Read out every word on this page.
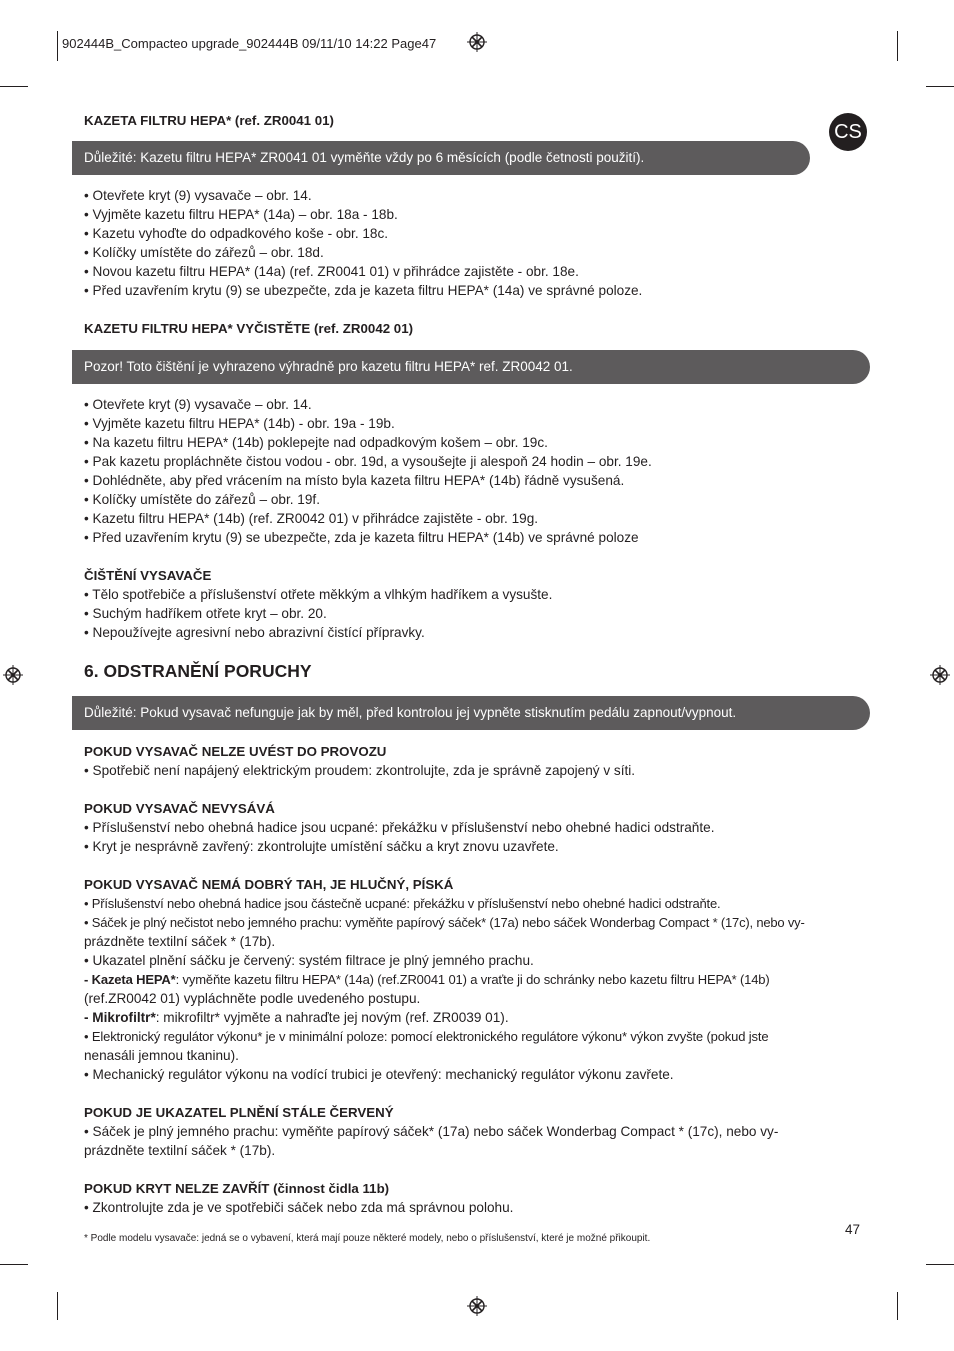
902444B_Compacteo upgrade_902444B 09/11/10 14:22 Page47
CS
KAZETA FILTRU HEPA* (ref. ZR0041 01)
Důležité: Kazetu filtru HEPA* ZR0041 01 vyměňte vždy po 6 měsících (podle četnosti použití).
• Otevřete kryt (9) vysavače – obr. 14.
• Vyjměte kazetu filtru HEPA* (14a) – obr. 18a - 18b.
• Kazetu vyhoďte do odpadkového koše - obr. 18c.
• Kolíčky umístěte do zářezů – obr. 18d.
• Novou kazetu filtru HEPA* (14a) (ref. ZR0041 01) v přihrádce zajistěte - obr. 18e.
• Před uzavřením krytu (9) se ubezpečte, zda je kazeta filtru HEPA* (14a) ve správné poloze.
KAZETU FILTRU HEPA* VYČISTĚTE (ref. ZR0042 01)
Pozor! Toto čištění je vyhrazeno výhradně pro kazetu filtru HEPA* ref. ZR0042 01.
• Otevřete kryt (9) vysavače – obr. 14.
• Vyjměte kazetu filtru HEPA* (14b) - obr. 19a - 19b.
• Na kazetu filtru HEPA* (14b) poklepejte nad odpadkovým košem – obr. 19c.
• Pak kazetu propláchněte čistou vodou - obr. 19d, a vysoušejte ji alespoň 24 hodin – obr. 19e.
• Dohlédněte, aby před vrácením na místo byla kazeta filtru HEPA* (14b) řádně vysušená.
• Kolíčky umístěte do zářezů – obr. 19f.
• Kazetu filtru HEPA* (14b) (ref. ZR0042 01) v přihrádce zajistěte - obr. 19g.
• Před uzavřením krytu (9) se ubezpečte, zda je kazeta filtru HEPA* (14b) ve správné poloze
ČIŠTĚNÍ VYSAVAČE
• Tělo spotřebiče a příslušenství otřete měkkým a vlhkým hadříkem a vysušte.
• Suchým hadříkem otřete kryt – obr. 20.
• Nepoužívejte agresivní nebo abrazivní čistící přípravky.
6. ODSTRANĚNÍ PORUCHY
Důležité: Pokud vysavač nefunguje jak by měl, před kontrolou jej vypněte stisknutím pedálu zapnout/vypnout.
POKUD VYSAVAČ NELZE UVÉST DO PROVOZU
• Spotřebič není napájený elektrickým proudem: zkontrolujte, zda je správně zapojený v síti.
POKUD VYSAVAČ NEVYSÁVÁ
• Příslušenství nebo ohebná hadice jsou ucpané: překážku v příslušenství nebo ohebné hadici odstraňte.
• Kryt je nesprávně zavřený: zkontrolujte umístění sáčku a kryt znovu uzavřete.
POKUD VYSAVAČ NEMÁ DOBRÝ TAH, JE HLUČNÝ, PÍSKÁ
• Příslušenství nebo ohebná hadice jsou částečně ucpané: překážku v příslušenství nebo ohebné hadici odstraňte.
• Sáček je plný nečistot nebo jemného prachu: vyměňte papírový sáček* (17a) nebo sáček Wonderbag Compact * (17c), nebo vy-
prázdněte textilní sáček * (17b).
• Ukazatel plnění sáčku je červený: systém filtrace je plný jemného prachu.
- Kazeta HEPA*: vyměňte kazetu filtru HEPA* (14a) (ref.ZR0041 01) a vraťte ji do schránky nebo kazetu filtru HEPA* (14b)
(ref.ZR0042 01) vypláchněte podle uvedeného postupu.
- Mikrofiltr*: mikrofiltr* vyjměte a nahraďte jej novým (ref. ZR0039 01).
• Elektronický regulátor výkonu* je v minimální poloze: pomocí elektronického regulátore výkonu* výkon zvyšte (pokud jste
nenasáli jemnou tkaninu).
• Mechanický regulátor výkonu na vodící trubici je otevřený: mechanický regulátor výkonu zavřete.
POKUD JE UKAZATEL PLNĚNÍ STÁLE ČERVENÝ
• Sáček je plný jemného prachu: vyměňte papírový sáček* (17a) nebo sáček Wonderbag Compact * (17c), nebo vy-
prázdněte textilní sáček * (17b).
POKUD KRYT NELZE ZAVŘÍT (činnost čidla 11b)
• Zkontrolujte zda je ve spotřebiči sáček nebo zda má správnou polohu.
47
* Podle modelu vysavače: jedná se o vybavení, která mají pouze některé modely, nebo o příslušenství, které je možné přikoupit.
